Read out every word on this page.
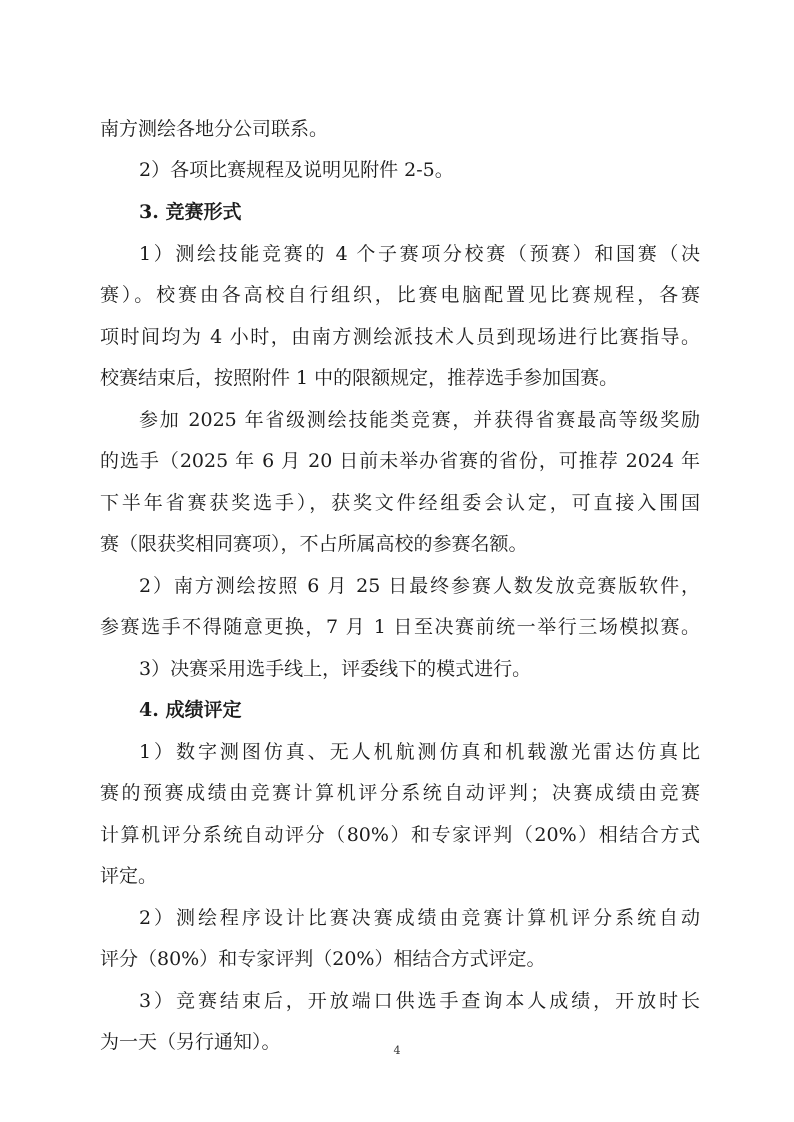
南方测绘各地分公司联系。
2）各项比赛规程及说明见附件 2-5。
3. 竞赛形式
1）测绘技能竞赛的 4 个子赛项分校赛（预赛）和国赛（决
赛）。校赛由各高校自行组织，比赛电脑配置见比赛规程，各赛
项时间均为 4 小时，由南方测绘派技术人员到现场进行比赛指导。
校赛结束后，按照附件 1 中的限额规定，推荐选手参加国赛。
参加 2025 年省级测绘技能类竞赛，并获得省赛最高等级奖励
的选手（2025 年 6 月 20 日前未举办省赛的省份，可推荐 2024 年
下半年省赛获奖选手），获奖文件经组委会认定，可直接入围国
赛（限获奖相同赛项），不占所属高校的参赛名额。
2）南方测绘按照 6 月 25 日最终参赛人数发放竞赛版软件，
参赛选手不得随意更换，7 月 1 日至决赛前统一举行三场模拟赛。
3）决赛采用选手线上，评委线下的模式进行。
4. 成绩评定
1）数字测图仿真、无人机航测仿真和机载激光雷达仿真比
赛的预赛成绩由竞赛计算机评分系统自动评判；决赛成绩由竞赛
计算机评分系统自动评分（80%）和专家评判（20%）相结合方式
评定。
2）测绘程序设计比赛决赛成绩由竞赛计算机评分系统自动
评分（80%）和专家评判（20%）相结合方式评定。
3）竞赛结束后，开放端口供选手查询本人成绩，开放时长
为一天（另行通知）。	4
